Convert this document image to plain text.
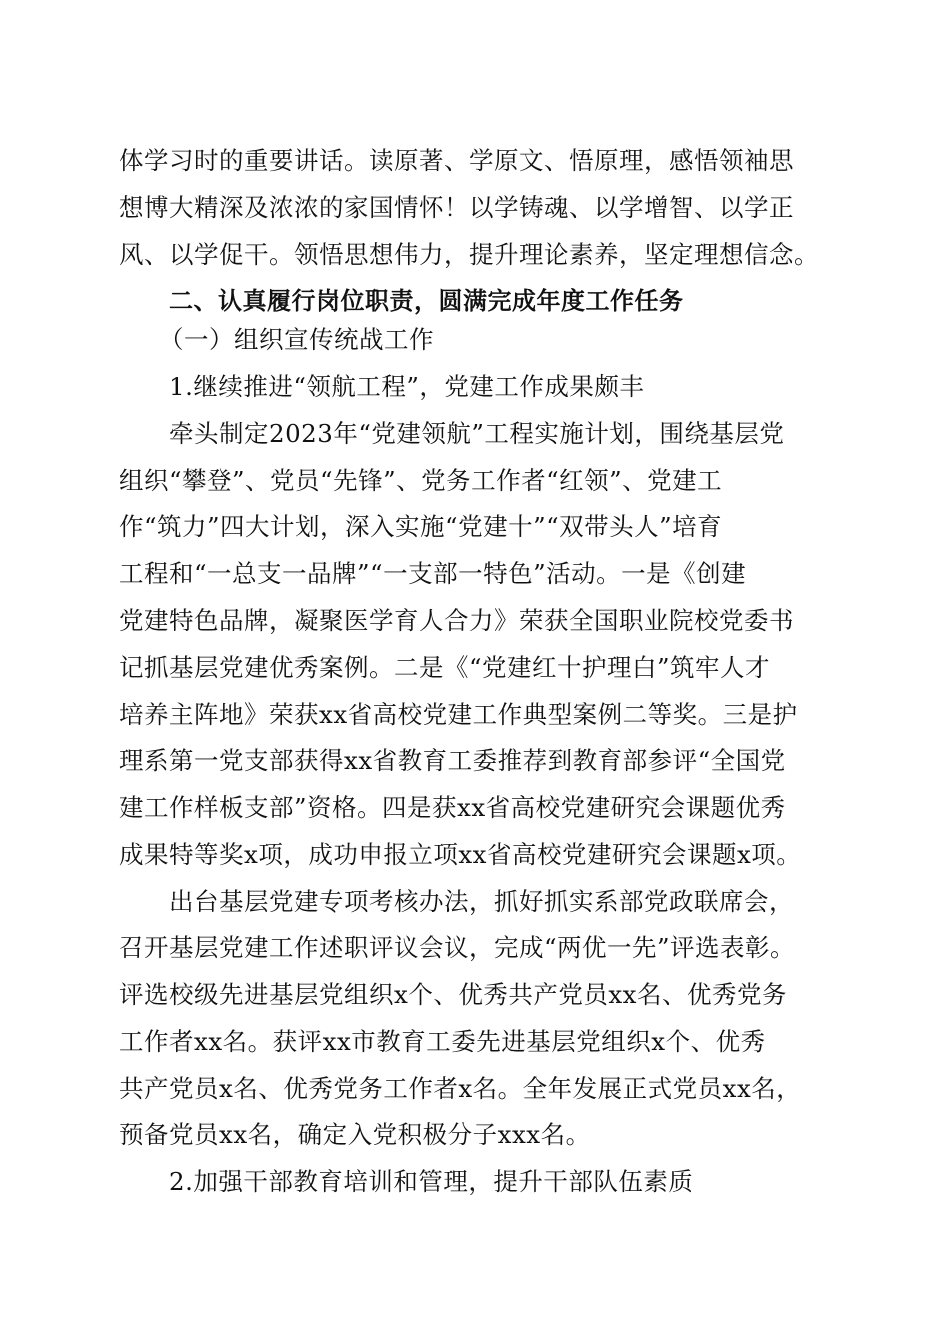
体学习时的重要讲话。读原著、学原文、悟原理，感悟领袖思
想博大精深及浓浓的家国情怀！以学铸魂、以学增智、以学正
风、以学促干。领悟思想伟力，提升理论素养，坚定理想信念。
二、认真履行岗位职责，圆满完成年度工作任务
（一）组织宣传统战工作
1.继续推进“领航工程”，党建工作成果颇丰
牵头制定2023年“党建领航”工程实施计划，围绕基层党
组织“攀登”、党员“先锋”、党务工作者“红领”、党建工
作“筑力”四大计划，深入实施“党建十”“双带头人”培育
工程和“一总支一品牌”“一支部一特色”活动。一是《创建
党建特色品牌，凝聚医学育人合力》荣获全国职业院校党委书
记抓基层党建优秀案例。二是《“党建红十护理白”筑牢人才
培养主阵地》荣获xx省高校党建工作典型案例二等奖。三是护
理系第一党支部获得xx省教育工委推荐到教育部参评“全国党
建工作样板支部”资格。四是获xx省高校党建研究会课题优秀
成果特等奖x项，成功申报立项xx省高校党建研究会课题x项。
出台基层党建专项考核办法，抓好抓实系部党政联席会，
召开基层党建工作述职评议会议，完成“两优一先”评选表彰。
评选校级先进基层党组织x个、优秀共产党员xx名、优秀党务
工作者xx名。获评xx市教育工委先进基层党组织x个、优秀
共产党员x名、优秀党务工作者x名。全年发展正式党员xx名，
预备党员xx名，确定入党积极分子xxx名。
2.加强干部教育培训和管理，提升干部队伍素质
